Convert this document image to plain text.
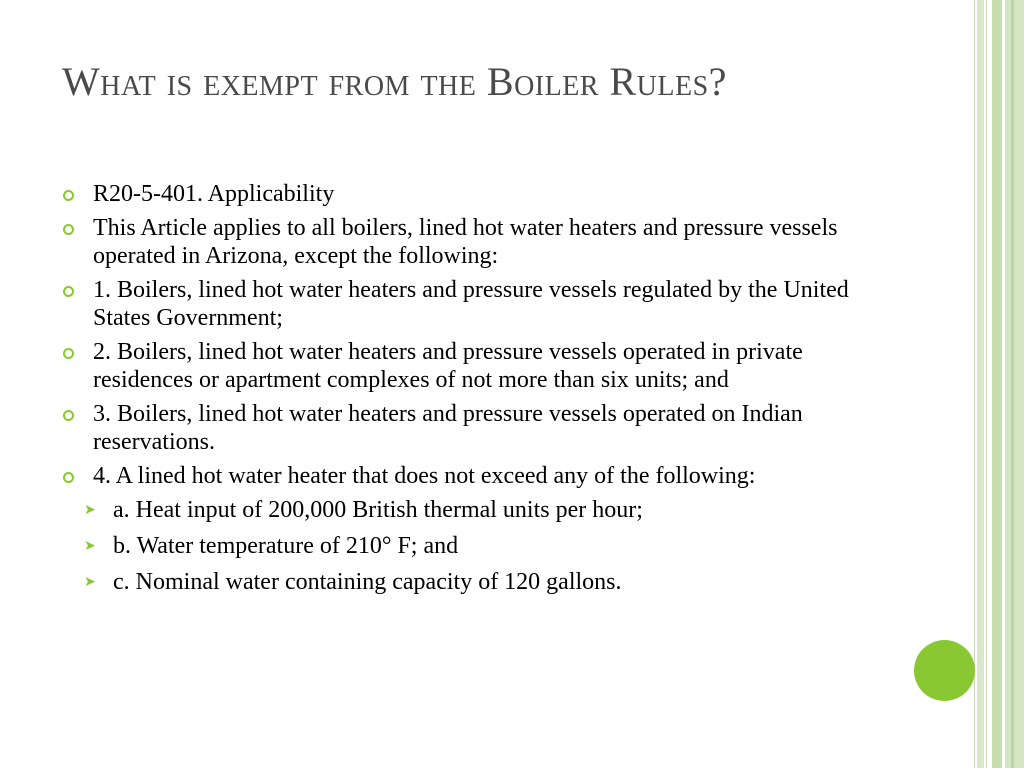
What is exempt from the Boiler Rules?
R20-5-401. Applicability
This Article applies to all boilers, lined hot water heaters and pressure vessels operated in Arizona, except the following:
1. Boilers, lined hot water heaters and pressure vessels regulated by the United States Government;
2. Boilers, lined hot water heaters and pressure vessels operated in private residences or apartment complexes of not more than six units; and
3. Boilers, lined hot water heaters and pressure vessels operated on Indian reservations.
4. A lined hot water heater that does not exceed any of the following:
➤ a. Heat input of 200,000 British thermal units per hour;
➤ b. Water temperature of 210° F; and
➤ c. Nominal water containing capacity of 120 gallons.
